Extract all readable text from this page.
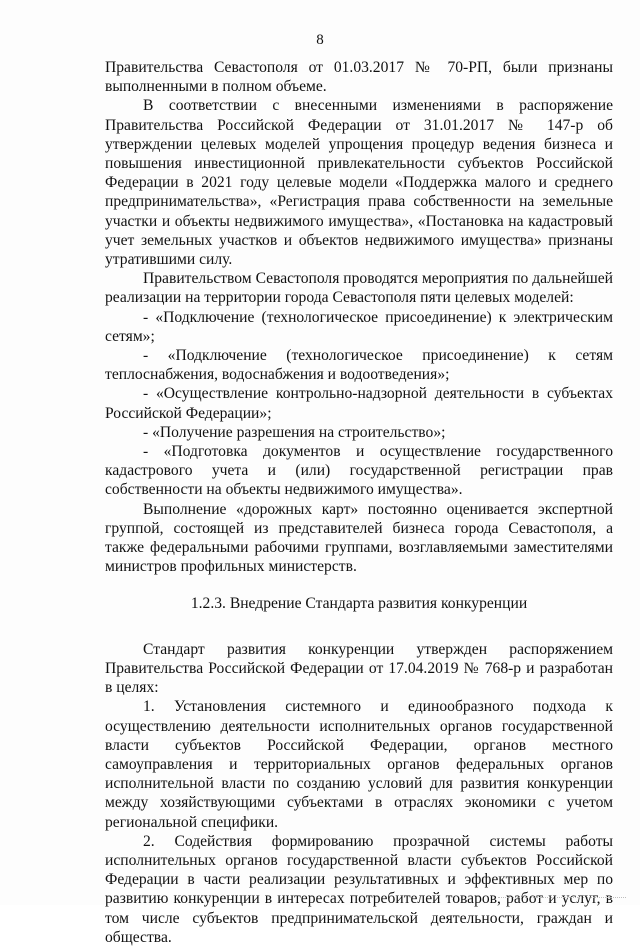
8

Правительства Севастополя от 01.03.2017 № 70-РП, были признаны выполненными в полном объеме.

В соответствии с внесенными изменениями в распоряжение Правительства Российской Федерации от 31.01.2017 № 147-р об утверждении целевых моделей упрощения процедур ведения бизнеса и повышения инвестиционной привлекательности субъектов Российской Федерации в 2021 году целевые модели «Поддержка малого и среднего предпринимательства», «Регистрация права собственности на земельные участки и объекты недвижимого имущества», «Постановка на кадастровый учет земельных участков и объектов недвижимого имущества» признаны утратившими силу.

Правительством Севастополя проводятся мероприятия по дальнейшей реализации на территории города Севастополя пяти целевых моделей:

- «Подключение (технологическое присоединение) к электрическим сетям»;

- «Подключение (технологическое присоединение) к сетям теплоснабжения, водоснабжения и водоотведения»;

- «Осуществление контрольно-надзорной деятельности в субъектах Российской Федерации»;

- «Получение разрешения на строительство»;

- «Подготовка документов и осуществление государственного кадастрового учета и (или) государственной регистрации прав собственности на объекты недвижимого имущества».

Выполнение «дорожных карт» постоянно оценивается экспертной группой, состоящей из представителей бизнеса города Севастополя, а также федеральными рабочими группами, возглавляемыми заместителями министров профильных министерств.

1.2.3. Внедрение Стандарта развития конкуренции

Стандарт развития конкуренции утвержден распоряжением Правительства Российской Федерации от 17.04.2019 № 768-р и разработан в целях:

1. Установления системного и единообразного подхода к осуществлению деятельности исполнительных органов государственной власти субъектов Российской Федерации, органов местного самоуправления и территориальных органов федеральных органов исполнительной власти по созданию условий для развития конкуренции между хозяйствующими субъектами в отраслях экономики с учетом региональной специфики.

2. Содействия формированию прозрачной системы работы исполнительных органов государственной власти субъектов Российской Федерации в части реализации результативных и эффективных мер по развитию конкуренции в интересах потребителей товаров, работ и услуг, в том числе субъектов предпринимательской деятельности, граждан и общества.
